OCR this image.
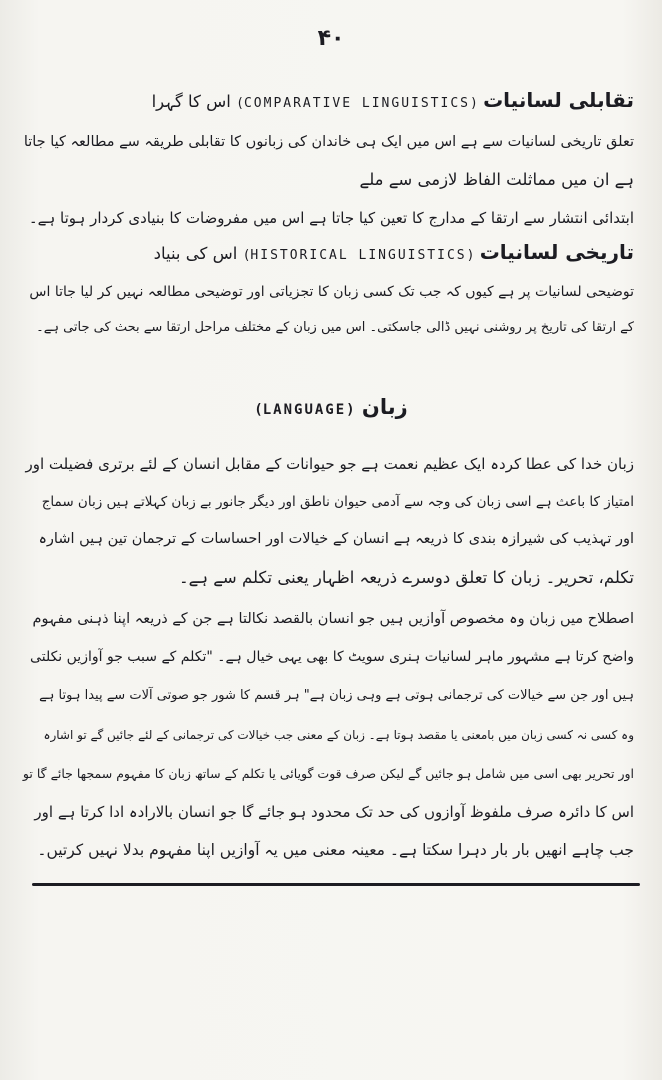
۴۰
تقابلی لسانیات (COMPARATIVE LINGUISTICS) اس کا گہرا
تعلق تاریخی لسانیات سے ہے اس میں ایک ہی خاندان کی زبانوں کا تقابلی طریقہ سے مطالعہ کیا جاتا
ہے ان میں مماثلت الفاظ لازمی سے ملے
ابتدائی انتشار سے ارتقا کے مدارج کا تعین کیا جاتا ہے اس میں مفروضات کا بنیادی کردار ہوتا ہے۔
تاریخی لسانیات (HISTORICAL LINGUISTICS) اس کی بنیاد
توضیحی لسانیات پر ہے کیوں کہ جب تک کسی زبان کا تجزیاتی اور توضیحی مطالعہ نہیں کر لیا جاتا اس
کے ارتقا کی تاریخ پر روشنی نہیں ڈالی جاسکتی۔ اس میں زبان کے مختلف مراحل ارتقا سے بحث کی جاتی ہے۔
زبان (LANGUAGE)
زبان خدا کی عطا کردہ ایک عظیم نعمت ہے جو حیوانات کے مقابل انسان کے لئے برتری فضیلت اور
امتیاز کا باعث ہے اسی زبان کی وجہ سے آدمی حیوان ناطق اور دیگر جانور بے زبان کہلاتے ہیں زبان سماج
اور تہذیب کی شیرازہ بندی کا ذریعہ ہے انسان کے خیالات اور احساسات کے ترجمان تین ہیں اشارہ
تکلم، تحریر۔ زبان کا تعلق دوسرے ذریعہ اظہار یعنی تکلم سے ہے۔
اصطلاح میں زبان وہ مخصوص آوازیں ہیں جو انسان بالقصد نکالتا ہے جن کے ذریعہ اپنا ذہنی مفہوم
واضح کرتا ہے مشہور ماہر لسانیات ہنری سویٹ کا بھی یہی خیال ہے۔ "تکلم کے سبب جو آوازیں نکلتی
ہیں اور جن سے خیالات کی ترجمانی ہوتی ہے وہی زبان ہے" ہر قسم کا شور جو صوتی آلات سے پیدا ہوتا ہے
وہ کسی نہ کسی زبان میں بامعنی یا مقصد ہوتا ہے۔ زبان کے معنی جب خیالات کی ترجمانی کے لئے جائیں گے تو اشارہ
اور تحریر بھی اسی میں شامل ہو جائیں گے لیکن صرف قوت گویائی یا تکلم کے ساتھ زبان کا مفہوم سمجھا جائے گا تو
اس کا دائرہ صرف ملفوظ آوازوں کی حد تک محدود ہو جائے گا جو انسان بالارادہ ادا کرتا ہے اور
جب چاہے انھیں بار بار دہرا سکتا ہے۔ معینہ معنی میں یہ آوازیں اپنا مفہوم بدلا نہیں کرتیں۔
